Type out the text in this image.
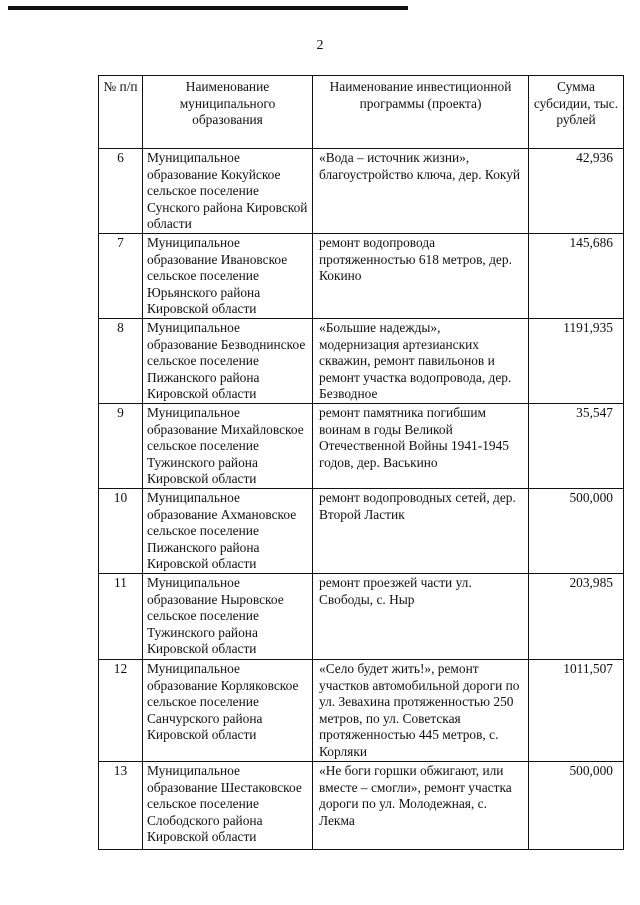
2
№ п/п	Наименование муниципального образования	Наименование инвестиционной программы (проекта)	Сумма субсидии, тыс. рублей
6	Муниципальное образование Кокуйское сельское поселение Сунского района Кировской области	«Вода – источник жизни», благоустройство ключа, дер. Кокуй	42,936
7	Муниципальное образование Ивановское сельское поселение Юрьянского района Кировской области	ремонт водопровода протяженностью 618 метров, дер. Кокино	145,686
8	Муниципальное образование Безводнинское сельское поселение Пижанского района Кировской области	«Большие надежды», модернизация артезианских скважин, ремонт павильонов и ремонт участка водопровода, дер. Безводное	1191,935
9	Муниципальное образование Михайловское сельское поселение Тужинского района Кировской области	ремонт памятника погибшим воинам в годы Великой Отечественной Войны 1941-1945 годов, дер. Васькино	35,547
10	Муниципальное образование Ахмановское сельское поселение Пижанского района Кировской области	ремонт водопроводных сетей, дер. Второй Ластик	500,000
11	Муниципальное образование Ныровское сельское поселение Тужинского района Кировской области	ремонт проезжей части ул. Свободы, с. Ныр	203,985
12	Муниципальное образование Корляковское сельское поселение Санчурского района Кировской области	«Село будет жить!», ремонт участков автомобильной дороги по ул. Зевахина протяженностью 250 метров, по ул. Советская протяженностью 445 метров, с. Корляки	1011,507
13	Муниципальное образование Шестаковское сельское поселение Слободского района Кировской области	«Не боги горшки обжигают, или вместе – смогли», ремонт участка дороги по ул. Молодежная, с. Лекма	500,000
